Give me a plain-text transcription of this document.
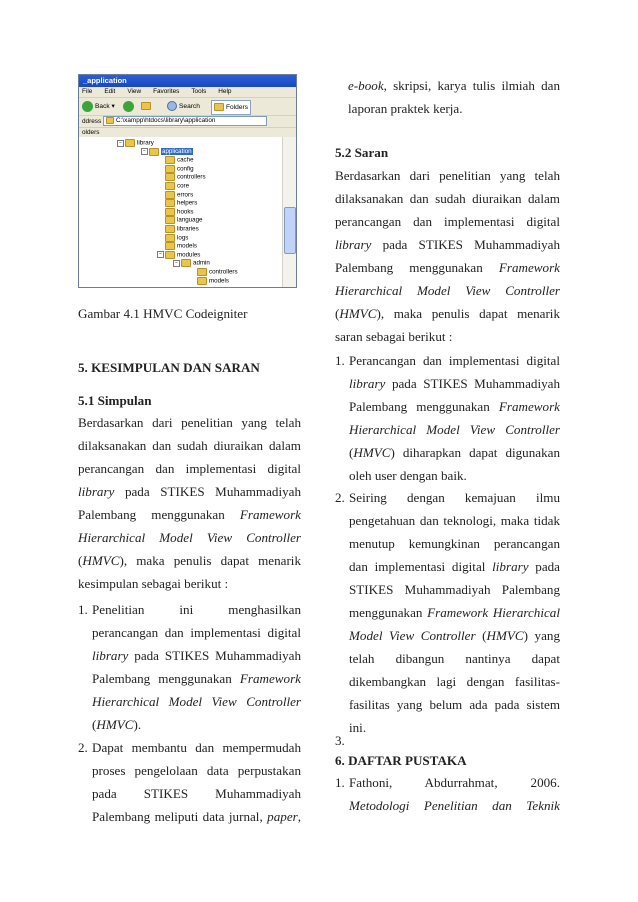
_application
File Edit View Favorites Tools Help
Back ▾	Search	Folders
ddress C:\xampp\htdocs\library\application
olders
− library
−	application
cache
config
controllers
core
errors
helpers
hooks
language
libraries
logs
models
− modules
− admin
controllers
models
Gambar 4.1 HMVC Codeigniter
5. KESIMPULAN DAN SARAN
5.1 Simpulan
Berdasarkan dari penelitian yang telah
dilaksanakan dan sudah diuraikan dalam
perancangan dan implementasi digital
library pada STIKES Muhammadiyah
Palembang menggunakan Framework
Hierarchical Model View Controller
(HMVC), maka penulis dapat menarik
kesimpulan sebagai berikut :
1. Penelitian ini menghasilkan
perancangan dan implementasi digital
library pada STIKES Muhammadiyah
Palembang menggunakan Framework
Hierarchical Model View Controller
(HMVC).
2. Dapat membantu dan mempermudah
proses pengelolaan data perpustakan
pada STIKES Muhammadiyah
Palembang meliputi data jurnal, paper,
e-book, skripsi, karya tulis ilmiah dan
laporan praktek kerja.
5.2 Saran
Berdasarkan dari penelitian yang telah
dilaksanakan dan sudah diuraikan dalam
perancangan dan implementasi digital
library pada STIKES Muhammadiyah
Palembang menggunakan Framework
Hierarchical Model View Controller
(HMVC), maka penulis dapat menarik
saran sebagai berikut :
1. Perancangan dan implementasi digital
library pada STIKES Muhammadiyah
Palembang menggunakan Framework
Hierarchical Model View Controller
(HMVC) diharapkan dapat digunakan
oleh user dengan baik.
2. Seiring dengan kemajuan ilmu
pengetahuan dan teknologi, maka tidak
menutup kemungkinan perancangan
dan implementasi digital library pada
STIKES Muhammadiyah Palembang
menggunakan Framework Hierarchical
Model View Controller (HMVC) yang
telah dibangun nantinya dapat
dikembangkan lagi dengan fasilitas-
fasilitas yang belum ada pada sistem
ini.
3.
6. DAFTAR PUSTAKA
1. Fathoni, Abdurrahmat, 2006.
Metodologi Penelitian dan Teknik
